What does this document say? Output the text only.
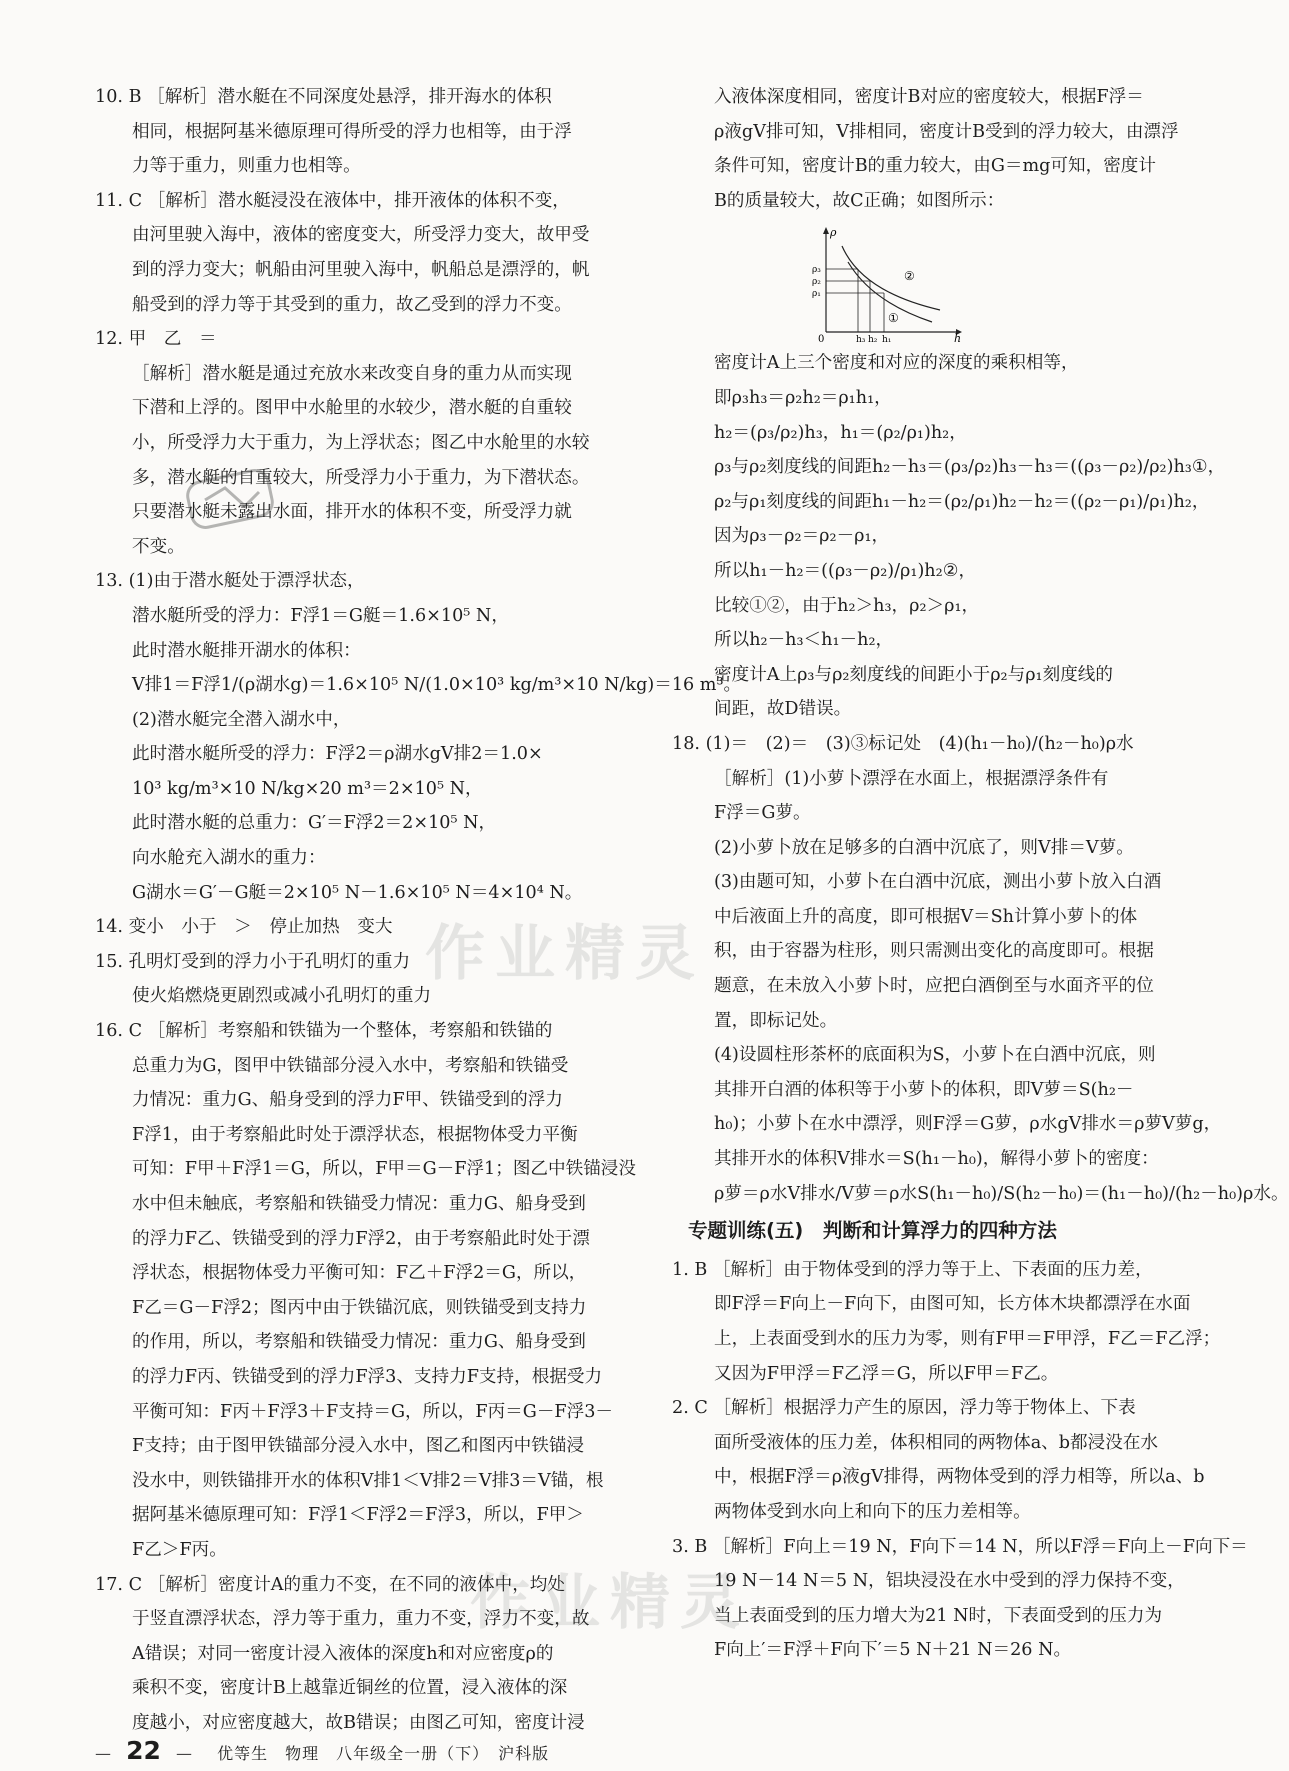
10. B ［解析］潜水艇在不同深度处悬浮，排开海水的体积

相同，根据阿基米德原理可得所受的浮力也相等，由于浮

力等于重力，则重力也相等。

11. C ［解析］潜水艇浸没在液体中，排开液体的体积不变，

由河里驶入海中，液体的密度变大，所受浮力变大，故甲受

到的浮力变大；帆船由河里驶入海中，帆船总是漂浮的，帆

船受到的浮力等于其受到的重力，故乙受到的浮力不变。

12. 甲　乙　＝

［解析］潜水艇是通过充放水来改变自身的重力从而实现

下潜和上浮的。图甲中水舱里的水较少，潜水艇的自重较

小，所受浮力大于重力，为上浮状态；图乙中水舱里的水较

多，潜水艇的自重较大，所受浮力小于重力，为下潜状态。

只要潜水艇未露出水面，排开水的体积不变，所受浮力就

不变。

13. (1)由于潜水艇处于漂浮状态，

潜水艇所受的浮力：F浮1＝G艇＝1.6×10⁵ N，

此时潜水艇排开湖水的体积：

V排1＝F浮1/(ρ湖水g)＝1.6×10⁵ N/(1.0×10³ kg/m³×10 N/kg)＝16 m³。

(2)潜水艇完全潜入湖水中，

此时潜水艇所受的浮力：F浮2＝ρ湖水gV排2＝1.0×

10³ kg/m³×10 N/kg×20 m³＝2×10⁵ N，

此时潜水艇的总重力：G′＝F浮2＝2×10⁵ N，

向水舱充入湖水的重力：

G湖水＝G′－G艇＝2×10⁵ N－1.6×10⁵ N＝4×10⁴ N。

14. 变小　小于　＞　停止加热　变大

15. 孔明灯受到的浮力小于孔明灯的重力

使火焰燃烧更剧烈或减小孔明灯的重力

16. C ［解析］考察船和铁锚为一个整体，考察船和铁锚的

总重力为G，图甲中铁锚部分浸入水中，考察船和铁锚受

力情况：重力G、船身受到的浮力F甲、铁锚受到的浮力

F浮1，由于考察船此时处于漂浮状态，根据物体受力平衡

可知：F甲＋F浮1＝G，所以，F甲＝G－F浮1；图乙中铁锚浸没

水中但未触底，考察船和铁锚受力情况：重力G、船身受到

的浮力F乙、铁锚受到的浮力F浮2，由于考察船此时处于漂

浮状态，根据物体受力平衡可知：F乙＋F浮2＝G，所以，

F乙＝G－F浮2；图丙中由于铁锚沉底，则铁锚受到支持力

的作用，所以，考察船和铁锚受力情况：重力G、船身受到

的浮力F丙、铁锚受到的浮力F浮3、支持力F支持，根据受力

平衡可知：F丙＋F浮3＋F支持＝G，所以，F丙＝G－F浮3－

F支持；由于图甲铁锚部分浸入水中，图乙和图丙中铁锚浸

没水中，则铁锚排开水的体积V排1＜V排2＝V排3＝V锚，根

据阿基米德原理可知：F浮1＜F浮2＝F浮3，所以，F甲＞

F乙＞F丙。

17. C ［解析］密度计A的重力不变，在不同的液体中，均处

于竖直漂浮状态，浮力等于重力，重力不变，浮力不变，故

A错误；对同一密度计浸入液体的深度h和对应密度ρ的

乘积不变，密度计B上越靠近铜丝的位置，浸入液体的深

度越小，对应密度越大，故B错误；由图乙可知，密度计浸

入液体深度相同，密度计B对应的密度较大，根据F浮＝

ρ液gV排可知，V排相同，密度计B受到的浮力较大，由漂浮

条件可知，密度计B的重力较大，由G＝mg可知，密度计

B的质量较大，故C正确；如图所示：

ρ
h
0
ρ₃
ρ₂
ρ₁
h₃ h₂ h₁
②
①

密度计A上三个密度和对应的深度的乘积相等，

即ρ₃h₃＝ρ₂h₂＝ρ₁h₁，

h₂＝(ρ₃/ρ₂)h₃，h₁＝(ρ₂/ρ₁)h₂，

ρ₃与ρ₂刻度线的间距h₂－h₃＝(ρ₃/ρ₂)h₃－h₃＝((ρ₃－ρ₂)/ρ₂)h₃①，

ρ₂与ρ₁刻度线的间距h₁－h₂＝(ρ₂/ρ₁)h₂－h₂＝((ρ₂－ρ₁)/ρ₁)h₂，

因为ρ₃－ρ₂＝ρ₂－ρ₁，

所以h₁－h₂＝((ρ₃－ρ₂)/ρ₁)h₂②，

比较①②，由于h₂＞h₃，ρ₂＞ρ₁，

所以h₂－h₃＜h₁－h₂，

密度计A上ρ₃与ρ₂刻度线的间距小于ρ₂与ρ₁刻度线的

间距，故D错误。

18. (1)＝　(2)＝　(3)③标记处　(4)(h₁－h₀)/(h₂－h₀)ρ水

［解析］(1)小萝卜漂浮在水面上，根据漂浮条件有

F浮＝G萝。

(2)小萝卜放在足够多的白酒中沉底了，则V排＝V萝。

(3)由题可知，小萝卜在白酒中沉底，测出小萝卜放入白酒

中后液面上升的高度，即可根据V＝Sh计算小萝卜的体

积，由于容器为柱形，则只需测出变化的高度即可。根据

题意，在未放入小萝卜时，应把白酒倒至与水面齐平的位

置，即标记处。

(4)设圆柱形茶杯的底面积为S，小萝卜在白酒中沉底，则

其排开白酒的体积等于小萝卜的体积，即V萝＝S(h₂－

h₀)；小萝卜在水中漂浮，则F浮＝G萝，ρ水gV排水＝ρ萝V萝g，

其排开水的体积V排水＝S(h₁－h₀)，解得小萝卜的密度：

ρ萝＝ρ水V排水/V萝＝ρ水S(h₁－h₀)/S(h₂－h₀)＝(h₁－h₀)/(h₂－h₀)ρ水。

专题训练(五)　判断和计算浮力的四种方法

1. B ［解析］由于物体受到的浮力等于上、下表面的压力差，

即F浮＝F向上－F向下，由图可知，长方体木块都漂浮在水面

上，上表面受到水的压力为零，则有F甲＝F甲浮，F乙＝F乙浮；

又因为F甲浮＝F乙浮＝G，所以F甲＝F乙。

2. C ［解析］根据浮力产生的原因，浮力等于物体上、下表

面所受液体的压力差，体积相同的两物体a、b都浸没在水

中，根据F浮＝ρ液gV排得，两物体受到的浮力相等，所以a、b

两物体受到水向上和向下的压力差相等。

3. B ［解析］F向上＝19 N，F向下＝14 N，所以F浮＝F向上－F向下＝

19 N－14 N＝5 N，铝块浸没在水中受到的浮力保持不变，

当上表面受到的压力增大为21 N时，下表面受到的压力为

F向上′＝F浮＋F向下′＝5 N＋21 N＝26 N。

作业精灵
作业精灵
— 22 — 优等生　物理　八年级全一册（下）　沪科版
